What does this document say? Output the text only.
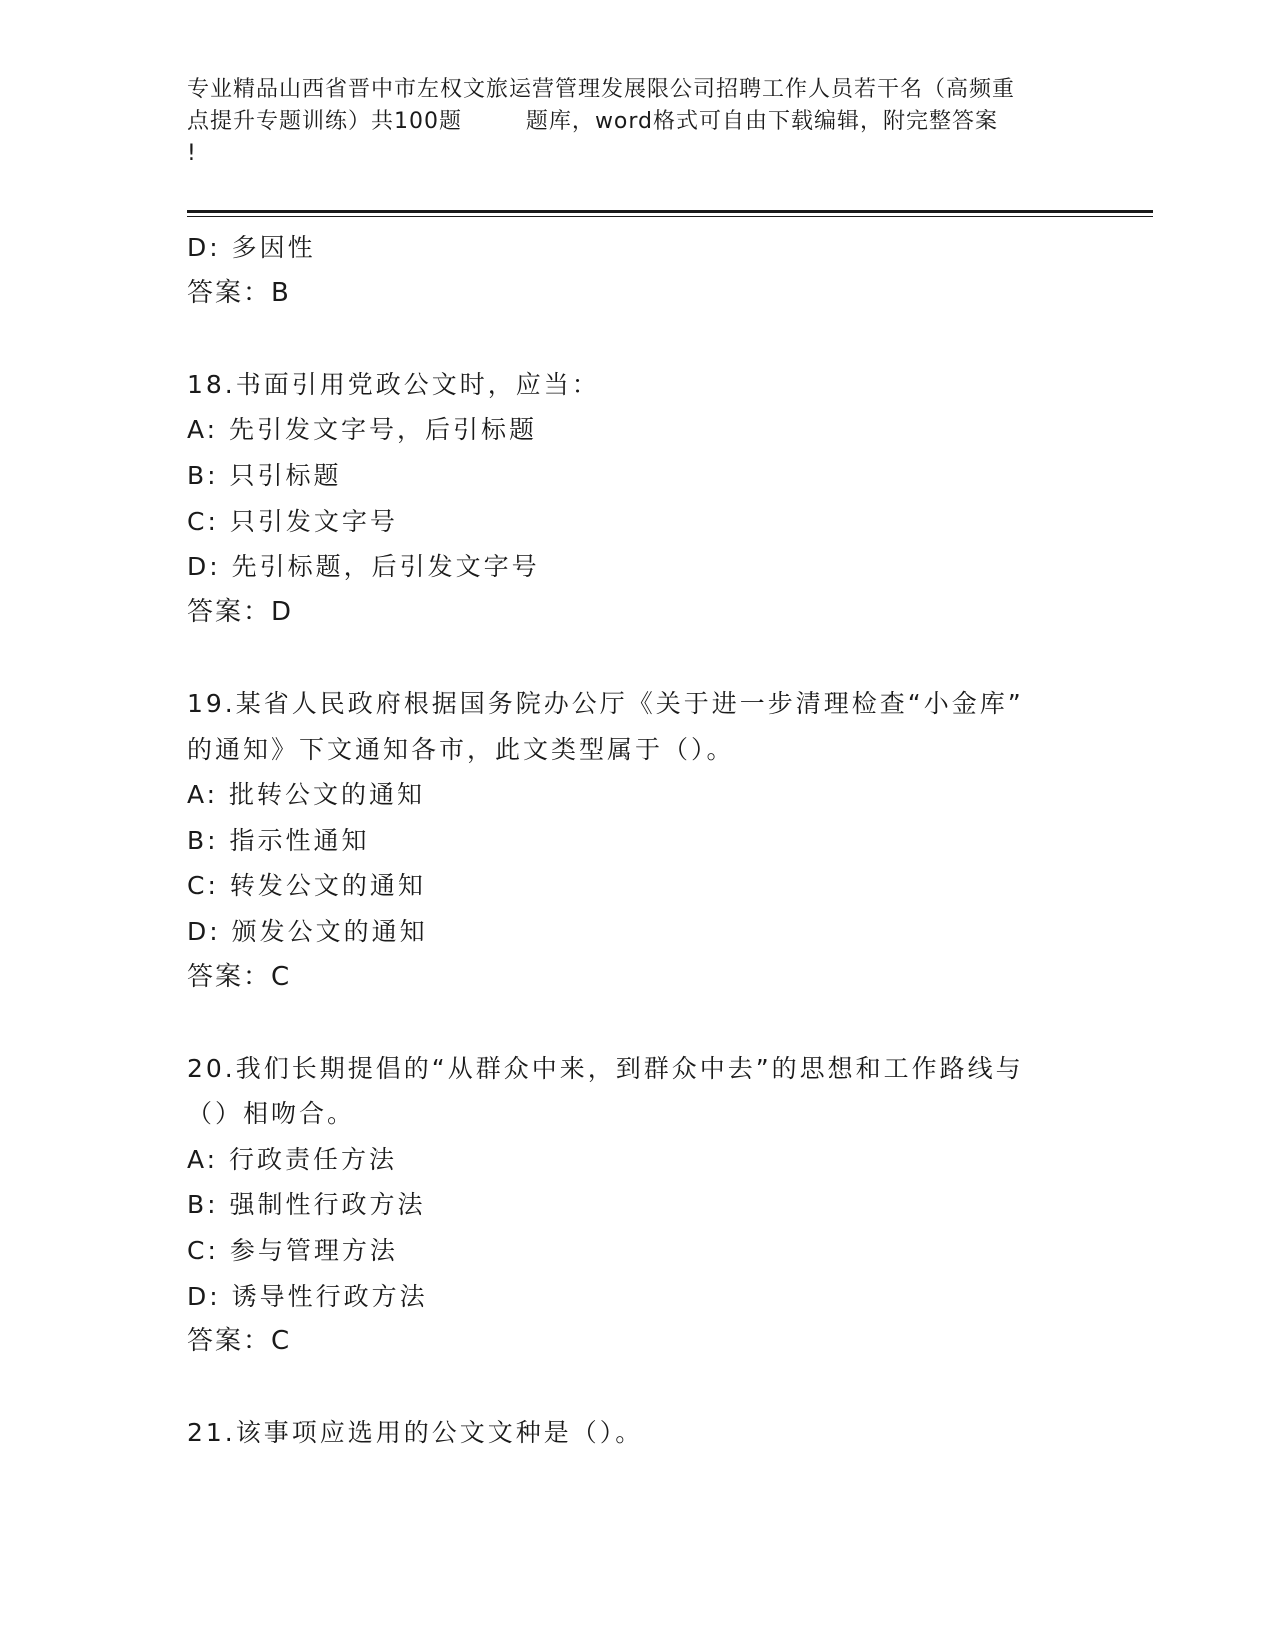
专业精品山西省晋中市左权文旅运营管理发展限公司招聘工作人员若干名（高频重
点提升专题训练）共100题        题库，word格式可自由下载编辑，附完整答案
!
D: 多因性
答案：B
18.书面引用党政公文时，应当：
A: 先引发文字号，后引标题
B: 只引标题
C: 只引发文字号
D: 先引标题，后引发文字号
答案：D
19.某省人民政府根据国务院办公厅《关于进一步清理检查“小金库”
的通知》下文通知各市，此文类型属于（）。
A: 批转公文的通知
B: 指示性通知
C: 转发公文的通知
D: 颁发公文的通知
答案：C
20.我们长期提倡的“从群众中来，到群众中去”的思想和工作路线与
（）相吻合。
A: 行政责任方法
B: 强制性行政方法
C: 参与管理方法
D: 诱导性行政方法
答案：C
21.该事项应选用的公文文种是（）。
